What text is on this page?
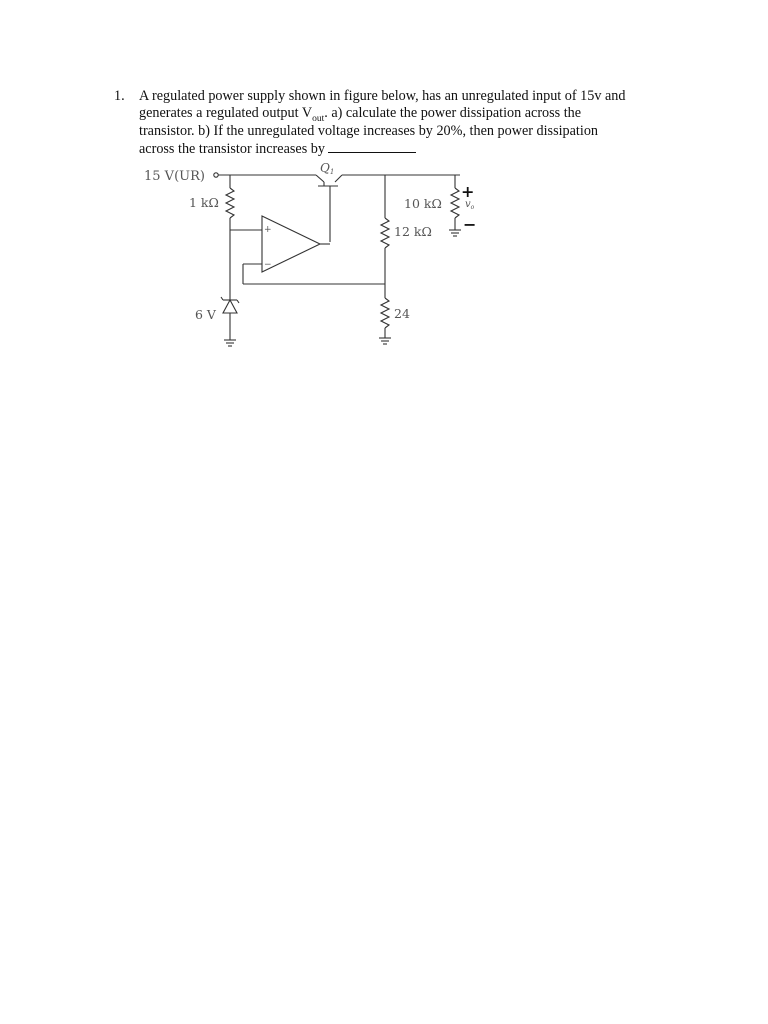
1. A regulated power supply shown in figure below, has an unregulated input of 15v and
generates a regulated output $V_{out}$. a) calculate the power dissipation across the
transistor. b) If the unregulated voltage increases by 20%, then power dissipation
across the transistor increases by
15 V(UR)
Q1
1 kΩ	10 kΩ
12 kΩ
24
6 V
$v_o$
+
−
+
−
